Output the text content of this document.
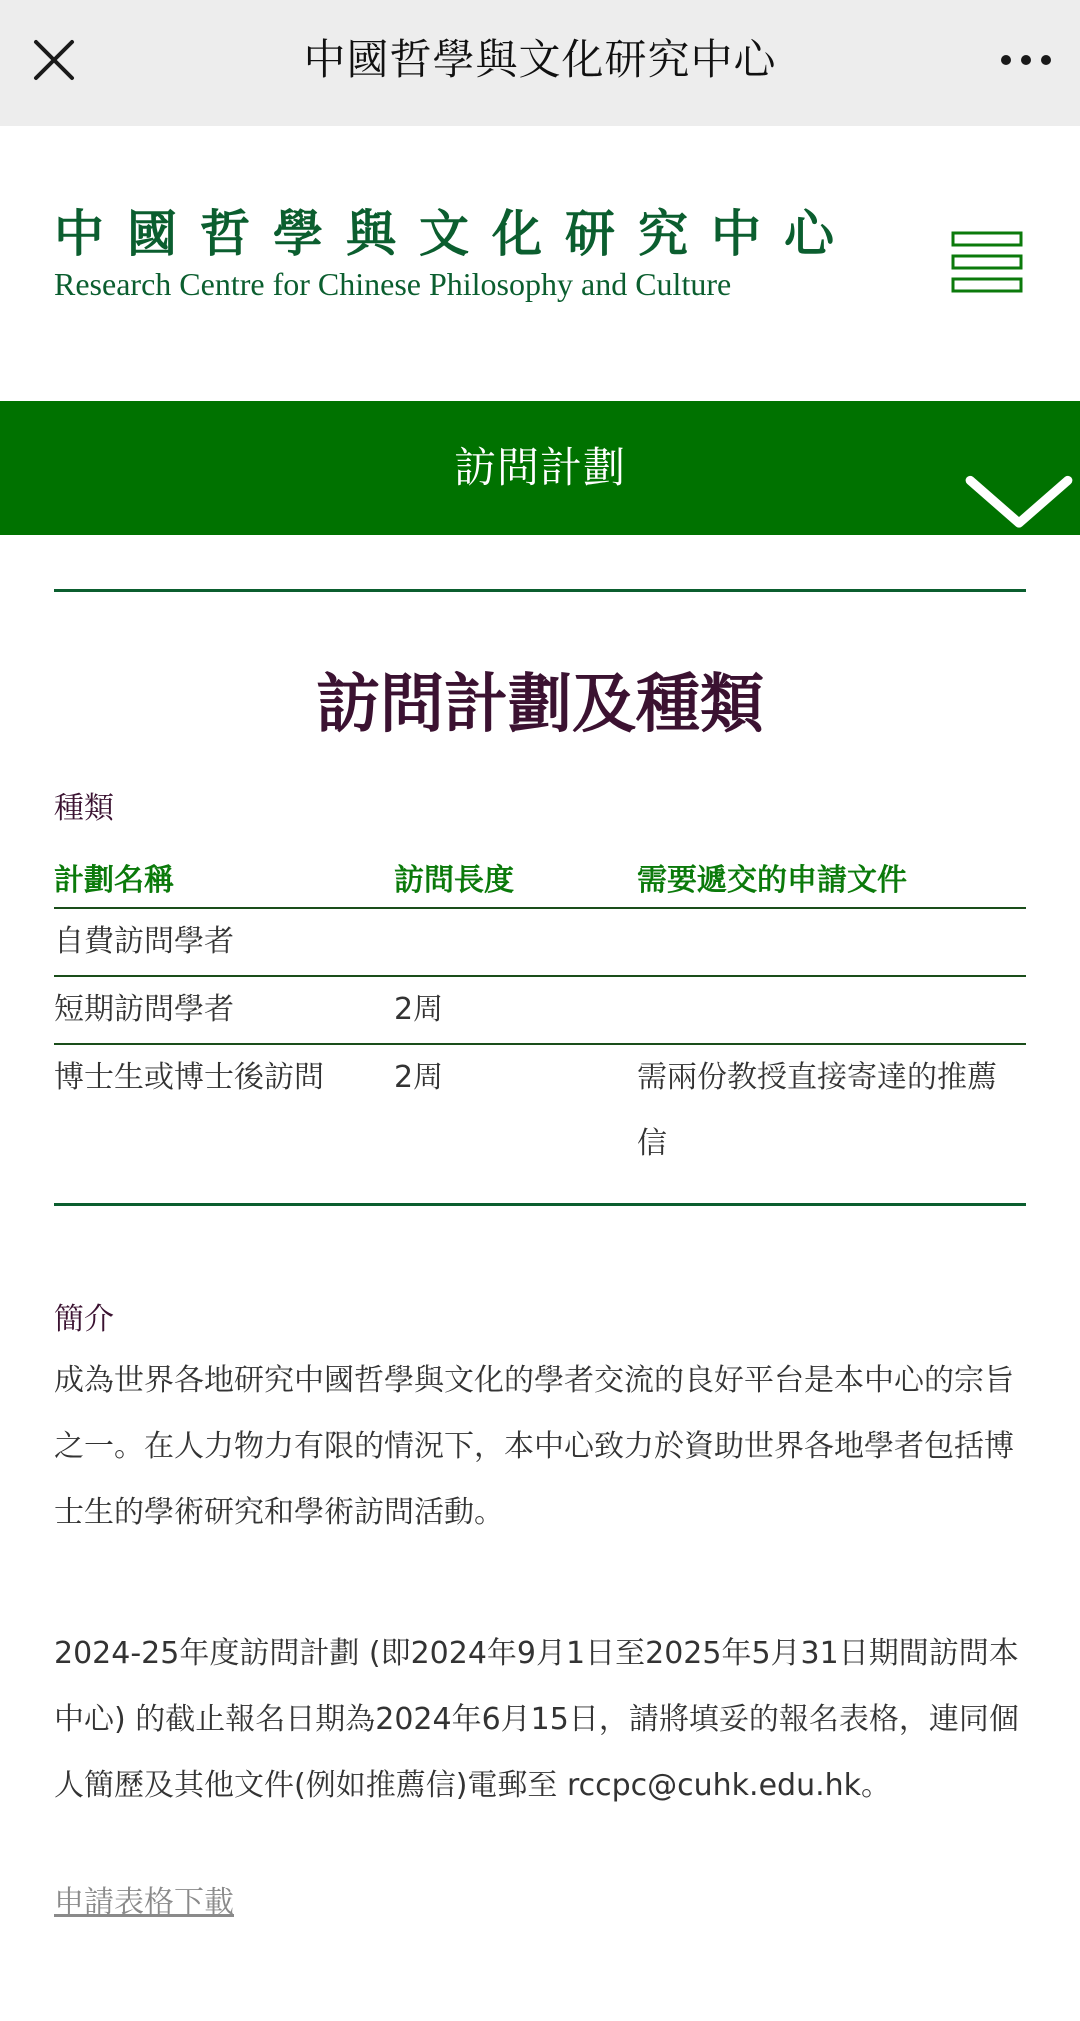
中國哲學與文化研究中心
中國哲學與文化研究中心
Research Centre for Chinese Philosophy and Culture
訪問計劃
訪問計劃及種類
種類
計劃名稱	訪問長度	需要遞交的申請文件
自費訪問學者		
短期訪問學者	2周	
博士生或博士後訪問	2周	需兩份教授直接寄達的推薦信
簡介

成為世界各地研究中國哲學與文化的學者交流的良好平台是本中心的宗旨之一。在人力物力有限的情況下，本中心致力於資助世界各地學者包括博士生的學術研究和學術訪問活動。

2024-25年度訪問計劃 (即2024年9月1日至2025年5月31日期間訪問本中心) 的截止報名日期為2024年6月15日，請將填妥的報名表格，連同個人簡歷及其他文件(例如推薦信)電郵至 rccpc@cuhk.edu.hk。

申請表格下載
